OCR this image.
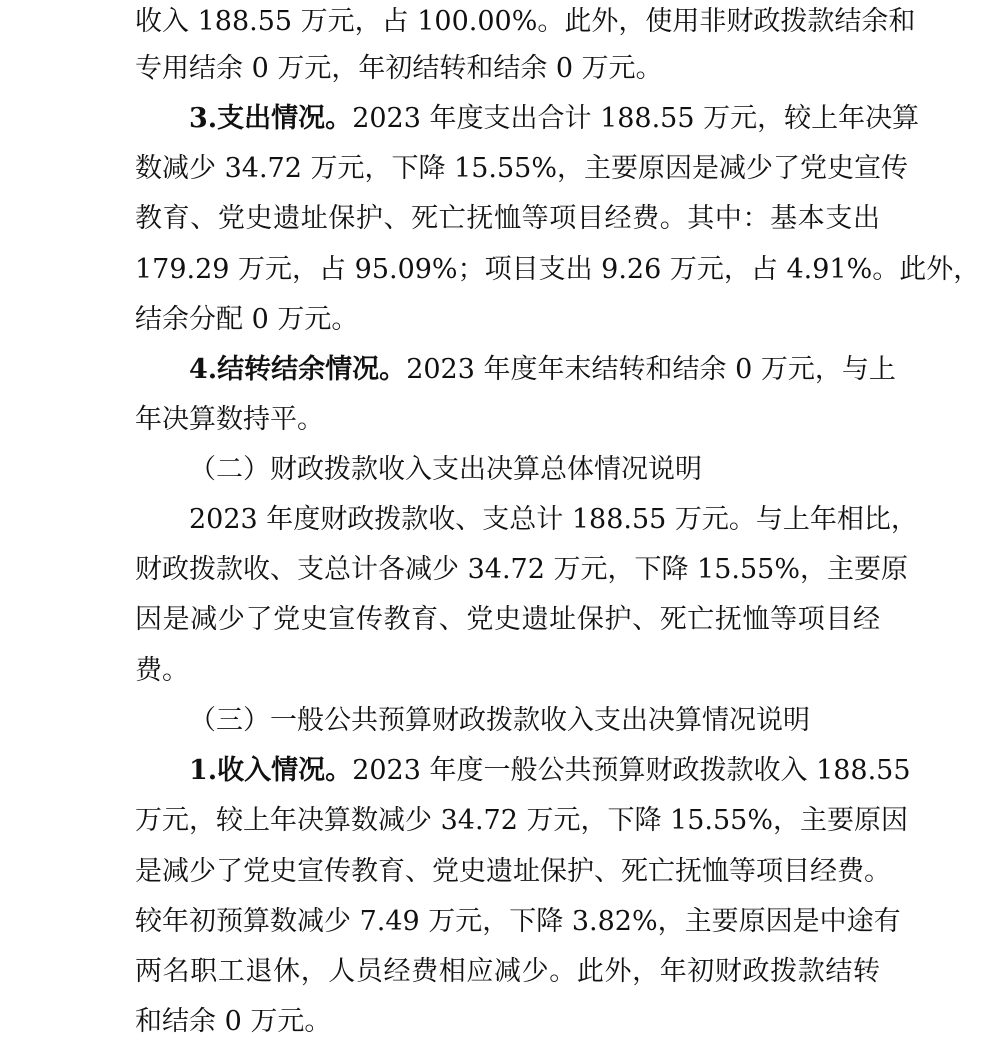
收入 188.55 万元，占 100.00%。此外，使用非财政拨款结余和
专用结余 0 万元，年初结转和结余 0 万元。
3.支出情况。2023 年度支出合计 188.55 万元，较上年决算
数减少 34.72 万元，下降 15.55%，主要原因是减少了党史宣传
教育、党史遗址保护、死亡抚恤等项目经费。其中：基本支出
179.29 万元，占 95.09%；项目支出 9.26 万元，占 4.91%。此外，
结余分配 0 万元。
4.结转结余情况。2023 年度年末结转和结余 0 万元，与上
年决算数持平。
（二）财政拨款收入支出决算总体情况说明
2023 年度财政拨款收、支总计 188.55 万元。与上年相比，
财政拨款收、支总计各减少 34.72 万元，下降 15.55%，主要原
因是减少了党史宣传教育、党史遗址保护、死亡抚恤等项目经
费。
（三）一般公共预算财政拨款收入支出决算情况说明
1.收入情况。2023 年度一般公共预算财政拨款收入 188.55
万元，较上年决算数减少 34.72 万元，下降 15.55%，主要原因
是减少了党史宣传教育、党史遗址保护、死亡抚恤等项目经费。
较年初预算数减少 7.49 万元，下降 3.82%，主要原因是中途有
两名职工退休，人员经费相应减少。此外，年初财政拨款结转
和结余 0 万元。
